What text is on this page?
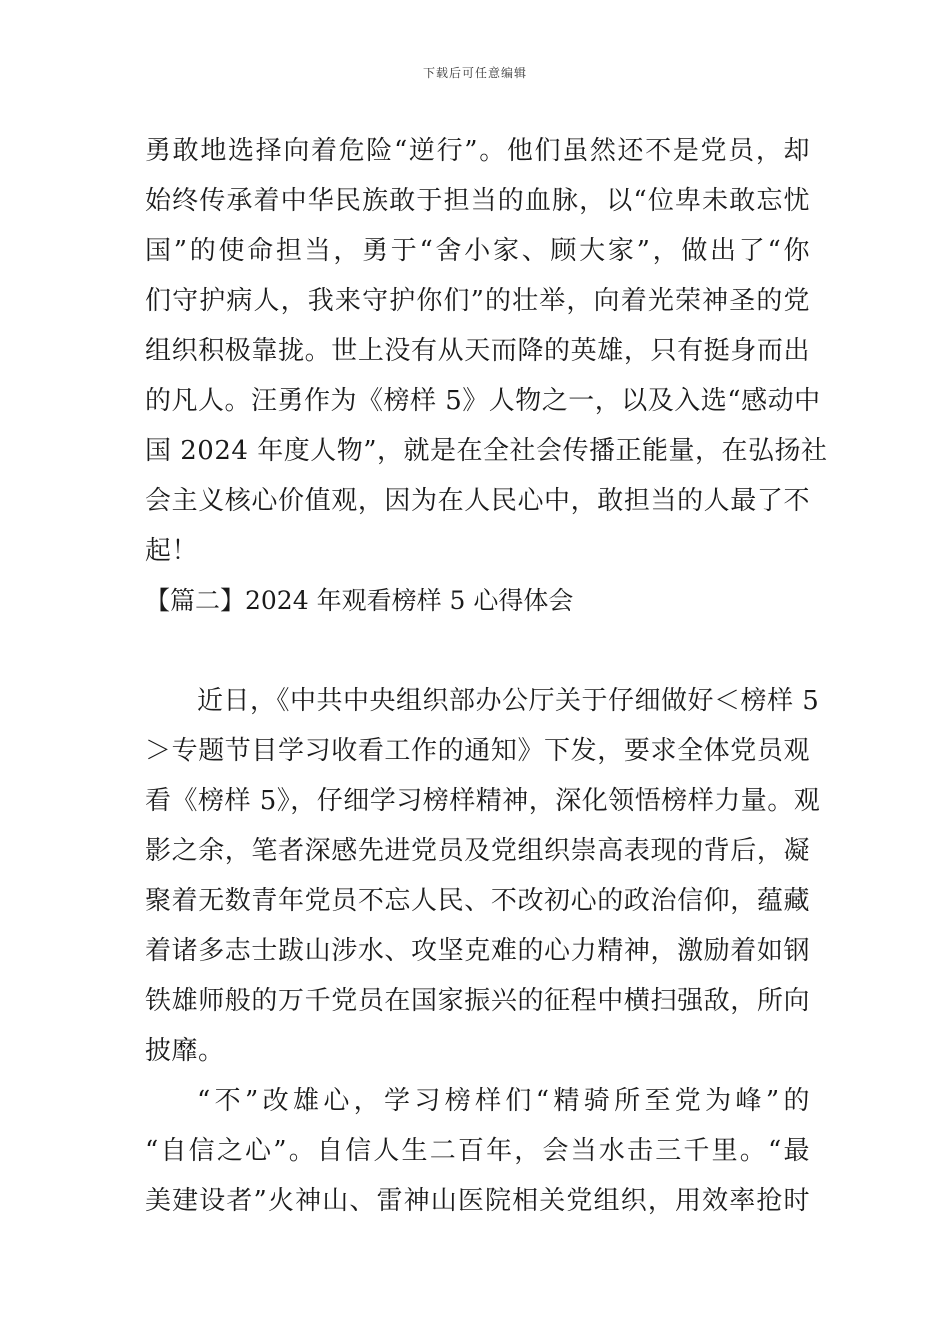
下载后可任意编辑
勇敢地选择向着危险“逆行”。他们虽然还不是党员，却
始终传承着中华民族敢于担当的血脉，以“位卑未敢忘忧
国”的使命担当，勇于“舍小家、顾大家”，做出了“你
们守护病人，我来守护你们”的壮举，向着光荣神圣的党
组织积极靠拢。世上没有从天而降的英雄，只有挺身而出
的凡人。汪勇作为《榜样 5》人物之一，以及入选“感动中
国 2024 年度人物”，就是在全社会传播正能量，在弘扬社
会主义核心价值观，因为在人民心中，敢担当的人最了不
起！
【篇二】2024 年观看榜样 5 心得体会
近日，《中共中央组织部办公厅关于仔细做好＜榜样 5
＞专题节目学习收看工作的通知》下发，要求全体党员观
看《榜样 5》，仔细学习榜样精神，深化领悟榜样力量。观
影之余，笔者深感先进党员及党组织崇高表现的背后，凝
聚着无数青年党员不忘人民、不改初心的政治信仰，蕴藏
着诸多志士跋山涉水、攻坚克难的心力精神，激励着如钢
铁雄师般的万千党员在国家振兴的征程中横扫强敌，所向
披靡。
“不”改雄心，学习榜样们“精骑所至党为峰”的
“自信之心”。自信人生二百年，会当水击三千里。“最
美建设者”火神山、雷神山医院相关党组织，用效率抢时
